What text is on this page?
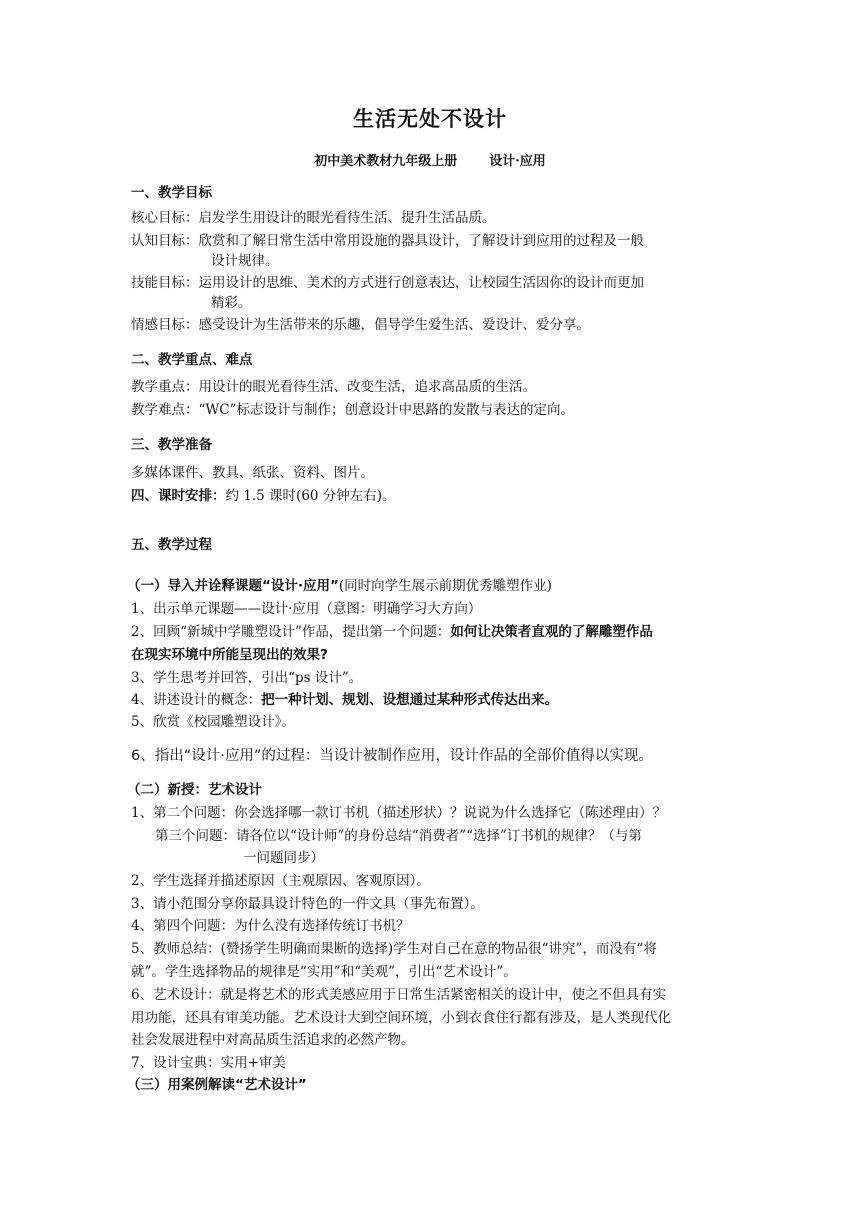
生活无处不设计
初中美术教材九年级上册 设计·应用
一、教学目标
核心目标：启发学生用设计的眼光看待生活、提升生活品质。
认知目标：欣赏和了解日常生活中常用设施的器具设计，了解设计到应用的过程及一般
设计规律。
技能目标：运用设计的思维、美术的方式进行创意表达，让校园生活因你的设计而更加
精彩。
情感目标：感受设计为生活带来的乐趣，倡导学生爱生活、爱设计、爱分享。
二、教学重点、难点
教学重点：用设计的眼光看待生活、改变生活，追求高品质的生活。
教学难点：“WC”标志设计与制作；创意设计中思路的发散与表达的定向。
三、教学准备
多媒体课件、教具、纸张、资料、图片。
四、课时安排：约 1.5 课时(60 分钟左右)。
五、教学过程
（一）导入并诠释课题“设计·应用”(同时向学生展示前期优秀雕塑作业)
1、出示单元课题——设计·应用（意图：明确学习大方向）
2、回顾“新城中学雕塑设计”作品，提出第一个问题：如何让决策者直观的了解雕塑作品
在现实环境中所能呈现出的效果?
3、学生思考并回答，引出“ps 设计”。
4、讲述设计的概念：把一种计划、规划、设想通过某种形式传达出来。
5、欣赏《校园雕塑设计》。
6、指出“设计·应用”的过程：当设计被制作应用，设计作品的全部价值得以实现。
（二）新授：艺术设计
1、第二个问题：你会选择哪一款订书机（描述形状）？说说为什么选择它（陈述理由）？
第三个问题：请各位以“设计师”的身份总结“消费者”“选择”订书机的规律？（与第
一问题同步）
2、学生选择并描述原因（主观原因、客观原因）。
3、请小范围分享你最具设计特色的一件文具（事先布置）。
4、第四个问题：为什么没有选择传统订书机？
5、教师总结：(赞扬学生明确而果断的选择)学生对自己在意的物品很“讲究”，而没有“将
就”。学生选择物品的规律是“实用”和“美观”，引出“艺术设计”。
6、艺术设计：就是将艺术的形式美感应用于日常生活紧密相关的设计中，使之不但具有实
用功能，还具有审美功能。艺术设计大到空间环境，小到衣食住行都有涉及，是人类现代化
社会发展进程中对高品质生活追求的必然产物。
7、设计宝典：实用+审美
（三）用案例解读“艺术设计”
